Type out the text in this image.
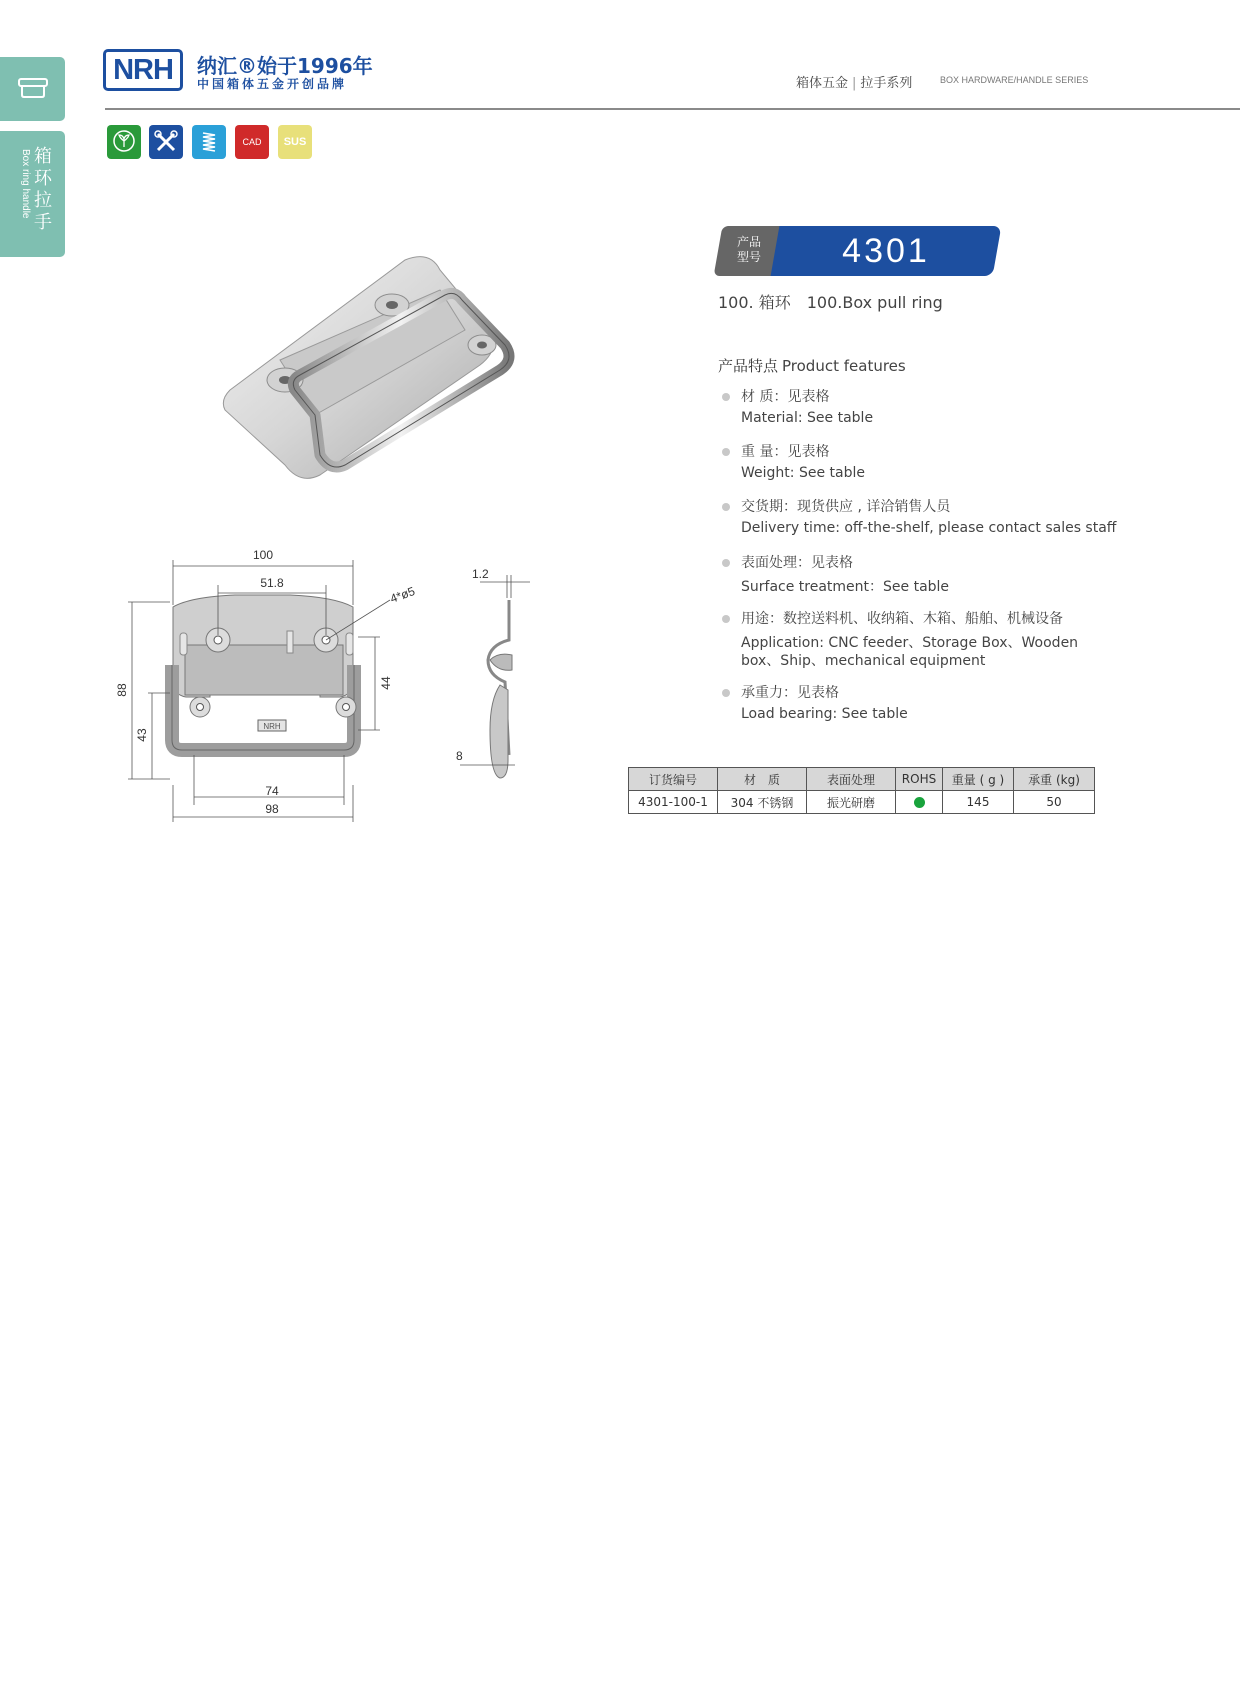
Box ring handle 箱环拉手
NRH	纳汇®始于1996年
中国箱体五金开创品牌	箱体五金 | 拉手系列	BOX HARDWARE/HANDLE SERIES
CAD	SUS
NRH
100
51.8
4*ø5
88
43
44
74
98
1.2
8
产品型号	4301
100. 箱环 100.Box pull ring
产品特点 Product features
材 质：见表格
Material: See table
重 量：见表格
Weight: See table
交货期：现货供应 , 详洽销售人员
Delivery time: off-the-shelf, please contact sales staff
表面处理：见表格
Surface treatment：See table
用途：数控送料机、收纳箱、木箱、船舶、机械设备
Application: CNC feeder、Storage Box、Wooden
box、Ship、mechanical equipment
承重力：见表格
Load bearing: See table
订货编号	材　质	表面处理	ROHS	重量 ( g )	承重 (kg)
4301-100-1	304 不锈钢	振光研磨		145	50
